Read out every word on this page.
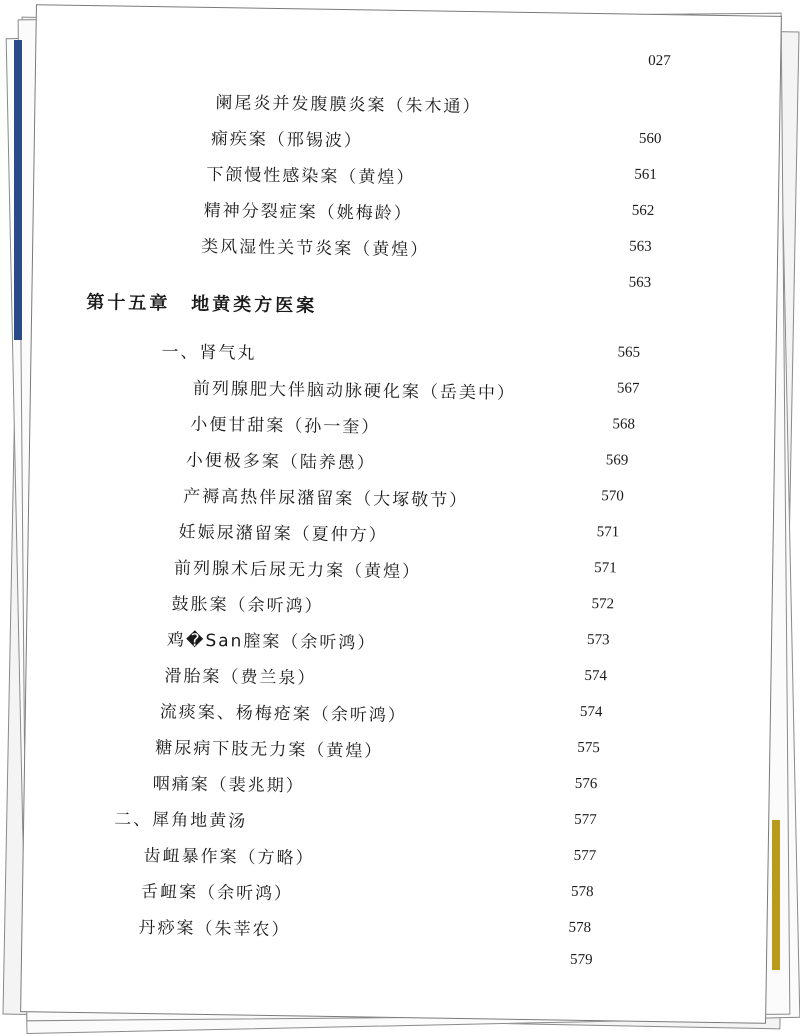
027
阑尾炎并发腹膜炎案（朱木通）
痫疾案（邢锡波）	560
下颌慢性感染案（黄煌）	561
精神分裂症案（姚梅龄）	562
类风湿性关节炎案（黄煌）	563
563
第十五章　地黄类方医案
一、肾气丸	565
前列腺肥大伴脑动脉硬化案（岳美中）	567
小便甘甜案（孙一奎）	568
小便极多案（陆养愚）	569
产褥高热伴尿潴留案（大塚敬节）	570
妊娠尿潴留案（夏仲方）	571
前列腺术后尿无力案（黄煌）	571
鼓胀案（余听鸿）	572
鸡�San膣案（余听鸿）	573
滑胎案（费兰泉）	574
流痰案、杨梅疮案（余听鸿）	574
糖尿病下肢无力案（黄煌）	575
咽痛案（裴兆期）	576
二、犀角地黄汤	577
齿衄暴作案（方略）	577
舌衄案（余听鸿）	578
丹痧案（朱莘农）	578
579
